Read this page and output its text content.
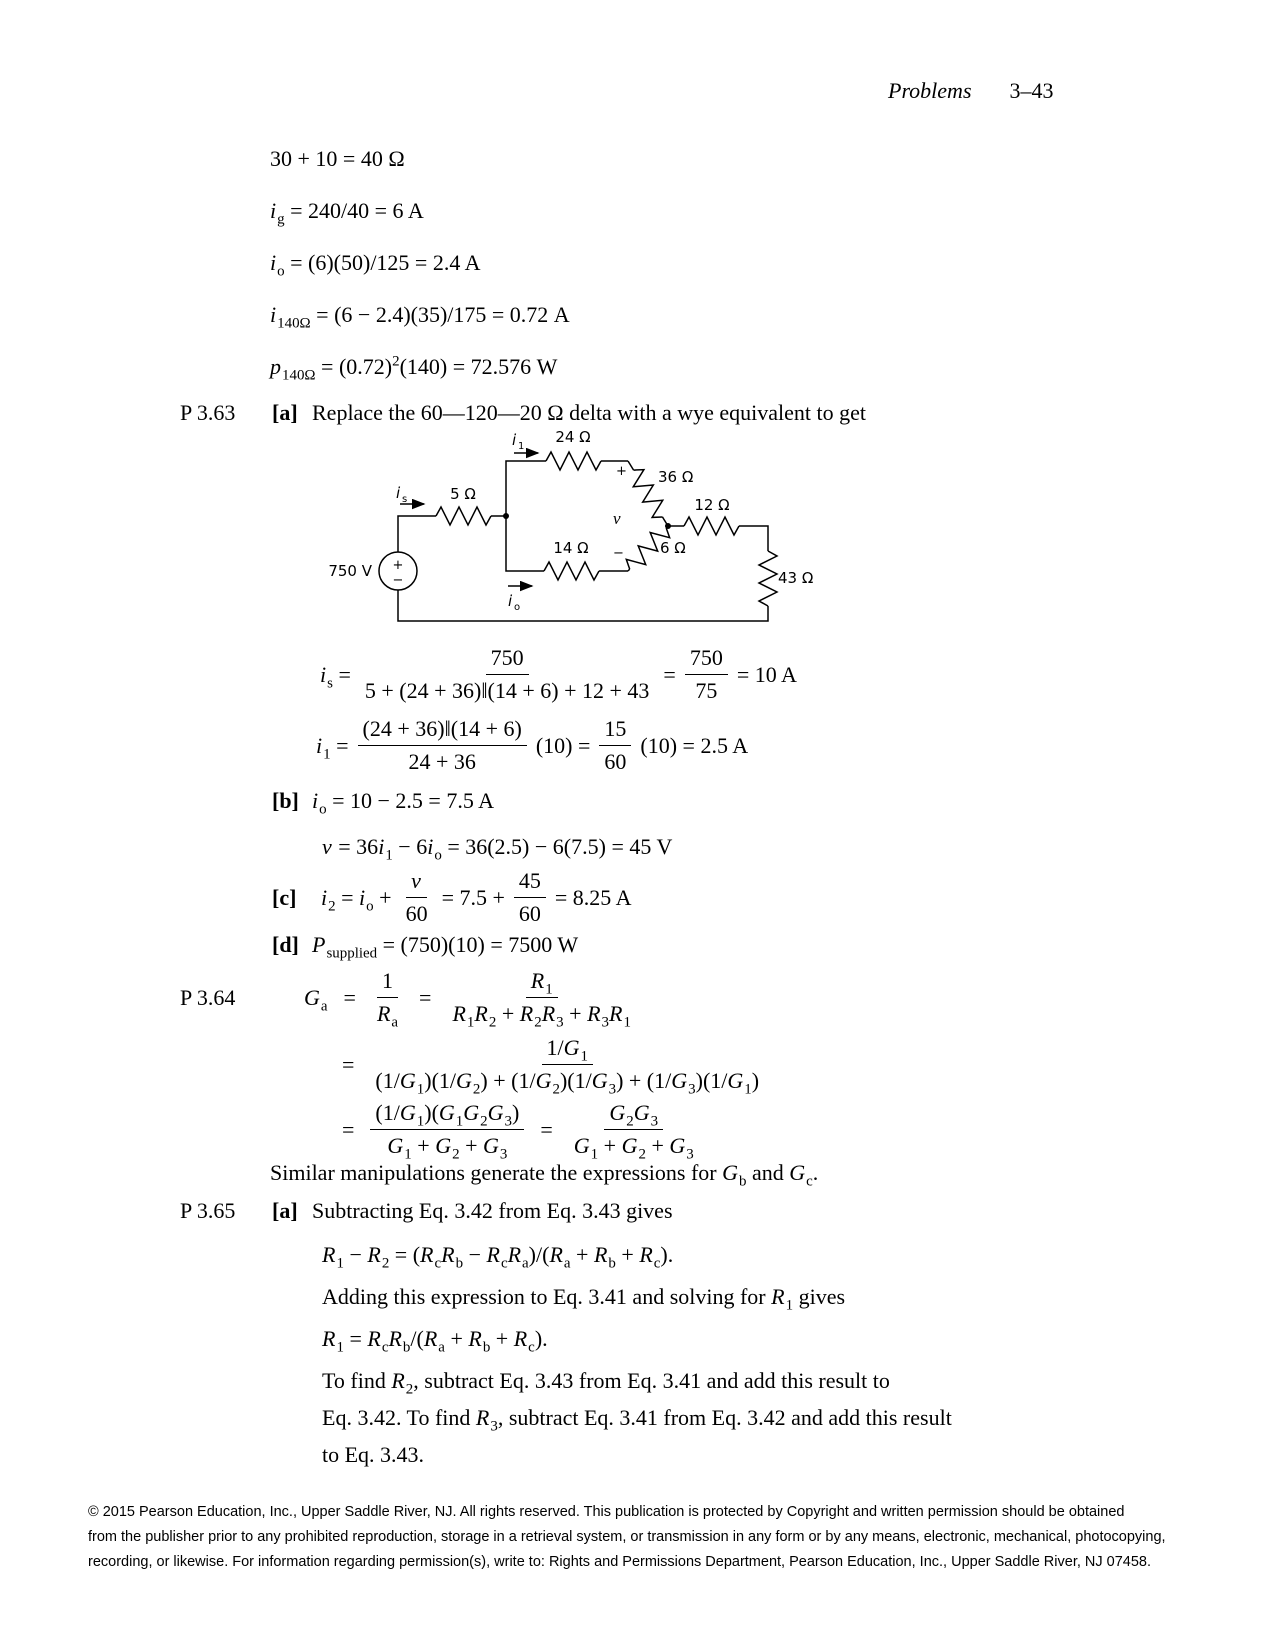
Problems 3–43
30 + 10 = 40 Ω
$i_g = 240/40 = 6$ A
$i_o = (6)(50)/125 = 2.4$ A
$i_{140\Omega} = (6 - 2.4)(35)/175 = 0.72$ A
$p_{140\Omega} = (0.72)^2(140) = 72.576$ W
P 3.63	[a] Replace the 60—120—20 Ω delta with a wye equivalent to get
+
−
750 V
i s
i 1
i o
5 Ω
24 Ω
36 Ω
12 Ω
14 Ω	6 Ω
43 Ω
+
v
−
$i_s = \frac{750}{5 + (24 + 36)‖(14 + 6) + 12 + 43} = \frac{750}{75} = 10$ A
$i_1 = \frac{(24 + 36)‖(14 + 6)}{24 + 36} (10) = \frac{15}{60} (10) = 2.5$ A
[b] $i_o = 10 - 2.5 = 7.5$ A
$v = 36i_1 - 6i_o = 36(2.5) - 6(7.5) = 45$ V
[c]	$i_2 = i_o + \frac{v}{60} = 7.5 + \frac{45}{60} = 8.25$ A
[d] $P_{supplied} = (750)(10) = 7500$ W
P 3.64	$G_a = \frac{1}{R_a} = \frac{R_1}{R_1R_2 + R_2R_3 + R_3R_1}$
= $\frac{1/G_1}{(1/G_1)(1/G_2) + (1/G_2)(1/G_3) + (1/G_3)(1/G_1)}$
= $\frac{(1/G_1)(G_1G_2G_3)}{G_1 + G_2 + G_3} = \frac{G_2G_3}{G_1 + G_2 + G_3}$
Similar manipulations generate the expressions for $G_b$ and $G_c$.
P 3.65	[a] Subtracting Eq. 3.42 from Eq. 3.43 gives
$R_1 - R_2 = (R_cR_b - R_cR_a)/(R_a + R_b + R_c)$.
Adding this expression to Eq. 3.41 and solving for $R_1$ gives
$R_1 = R_cR_b/(R_a + R_b + R_c)$.
To find $R_2$, subtract Eq. 3.43 from Eq. 3.41 and add this result to
Eq. 3.42. To find $R_3$, subtract Eq. 3.41 from Eq. 3.42 and add this result
to Eq. 3.43.
© 2015 Pearson Education, Inc., Upper Saddle River, NJ. All rights reserved. This publication is protected by Copyright and written permission should be obtained
from the publisher prior to any prohibited reproduction, storage in a retrieval system, or transmission in any form or by any means, electronic, mechanical, photocopying,
recording, or likewise. For information regarding permission(s), write to: Rights and Permissions Department, Pearson Education, Inc., Upper Saddle River, NJ 07458.
